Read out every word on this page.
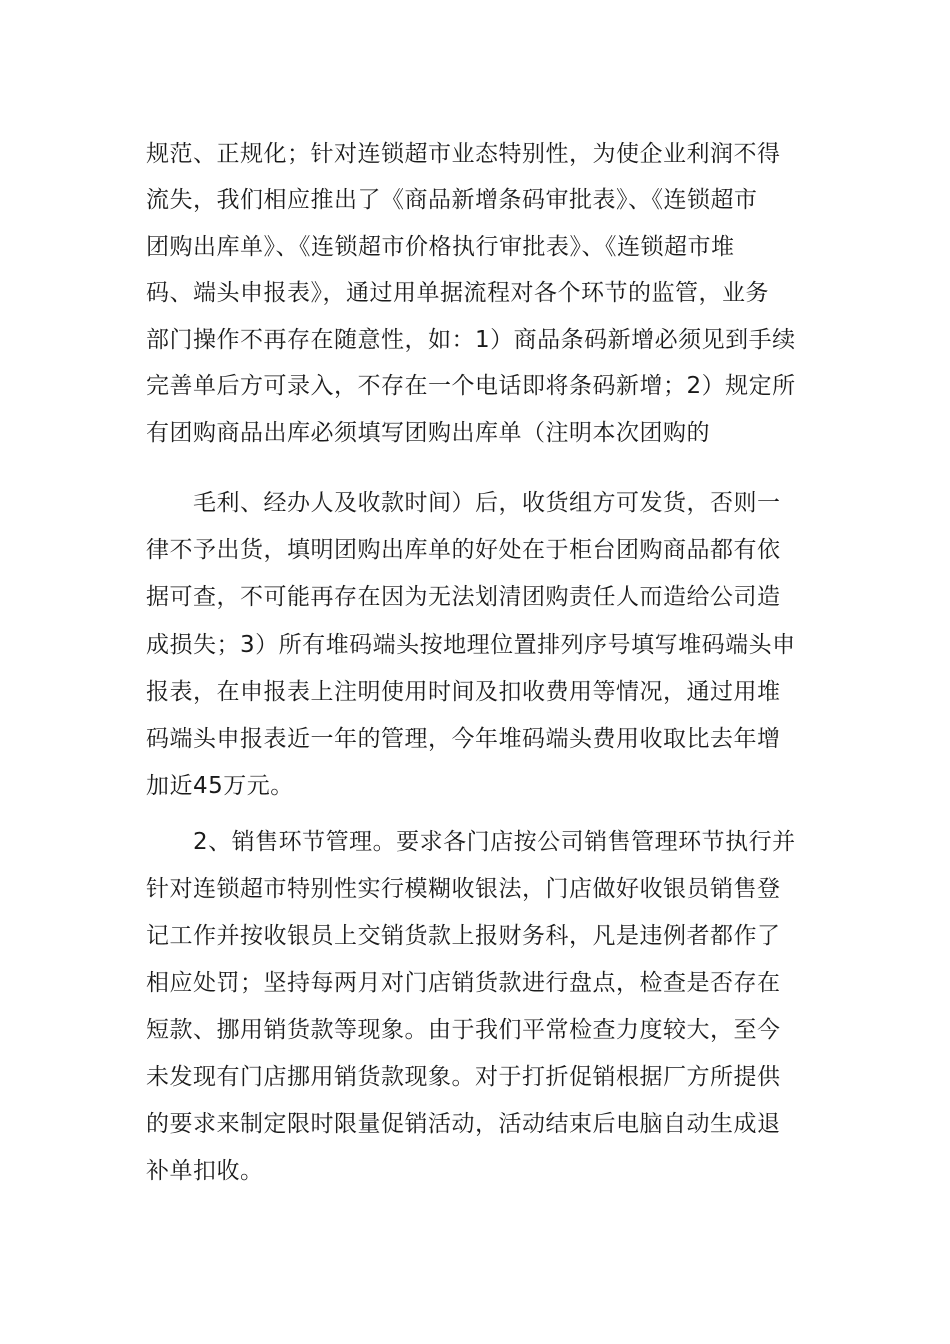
规范、正规化；针对连锁超市业态特别性，为使企业利润不得
流失，我们相应推出了《商品新增条码审批表》、《连锁超市
团购出库单》、《连锁超市价格执行审批表》、《连锁超市堆
码、端头申报表》，通过用单据流程对各个环节的监管，业务
部门操作不再存在随意性，如：1）商品条码新增必须见到手续
完善单后方可录入，不存在一个电话即将条码新增；2）规定所
有团购商品出库必须填写团购出库单（注明本次团购的
毛利、经办人及收款时间）后，收货组方可发货，否则一
律不予出货，填明团购出库单的好处在于柜台团购商品都有依
据可查，不可能再存在因为无法划清团购责任人而造给公司造
成损失；3）所有堆码端头按地理位置排列序号填写堆码端头申
报表，在申报表上注明使用时间及扣收费用等情况，通过用堆
码端头申报表近一年的管理，今年堆码端头费用收取比去年增
加近45万元。
2、销售环节管理。要求各门店按公司销售管理环节执行并
针对连锁超市特别性实行模糊收银法，门店做好收银员销售登
记工作并按收银员上交销货款上报财务科，凡是违例者都作了
相应处罚；坚持每两月对门店销货款进行盘点，检查是否存在
短款、挪用销货款等现象。由于我们平常检查力度较大，至今
未发现有门店挪用销货款现象。对于打折促销根据厂方所提供
的要求来制定限时限量促销活动，活动结束后电脑自动生成退
补单扣收。
